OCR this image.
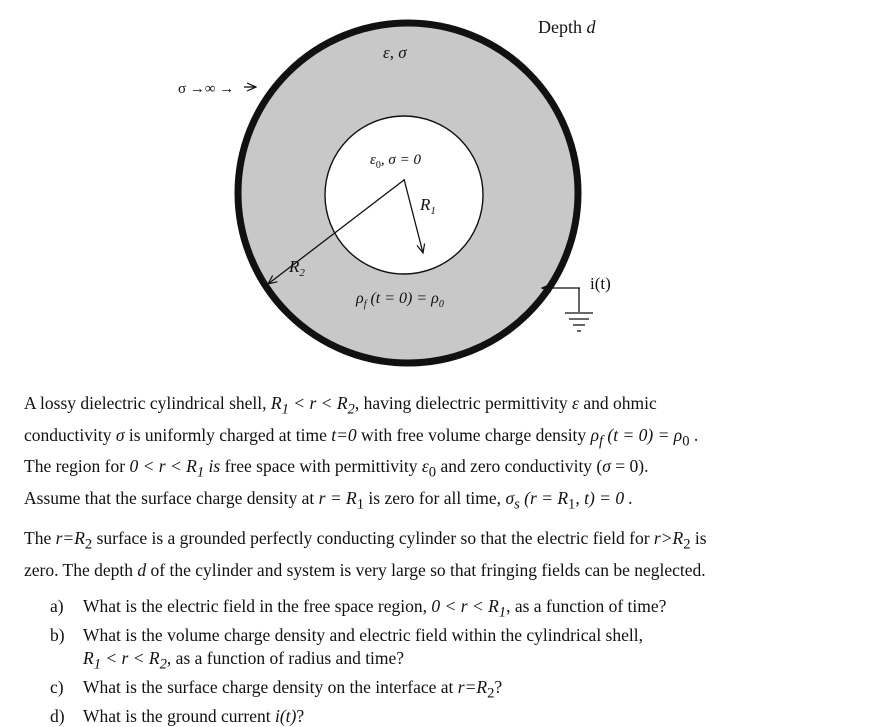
Depth d
ε, σ
σ →∞ →
$\varepsilon_0$, σ = 0
$R_1$
$R_2$
$\rho_f$ $(t = 0) = \rho_0$
i(t)

A lossy dielectric cylindrical shell, $R_1 < r < R_2$, having dielectric permittivity ε and ohmic
conductivity σ is uniformly charged at time t=0 with free volume charge density $\rho_f$ $(t = 0) = \rho_0$ .
The region for $0 < r < R_1$ is free space with permittivity $\varepsilon_0$ and zero conductivity (σ = 0).
Assume that the surface charge density at $r = R_1$ is zero for all time, $\sigma_s$ ($r = R_1$, t) = 0 .

The $r=R_2$ surface is a grounded perfectly conducting cylinder so that the electric field for $r>R_2$ is
zero. The depth d of the cylinder and system is very large so that fringing fields can be neglected.

a) What is the electric field in the free space region, $0 < r < R_1$, as a function of time?
b) What is the volume charge density and electric field within the cylindrical shell,
$R_1 < r < R_2$, as a function of radius and time?
c) What is the surface charge density on the interface at $r=R_2$?
d) What is the ground current i(t)?
